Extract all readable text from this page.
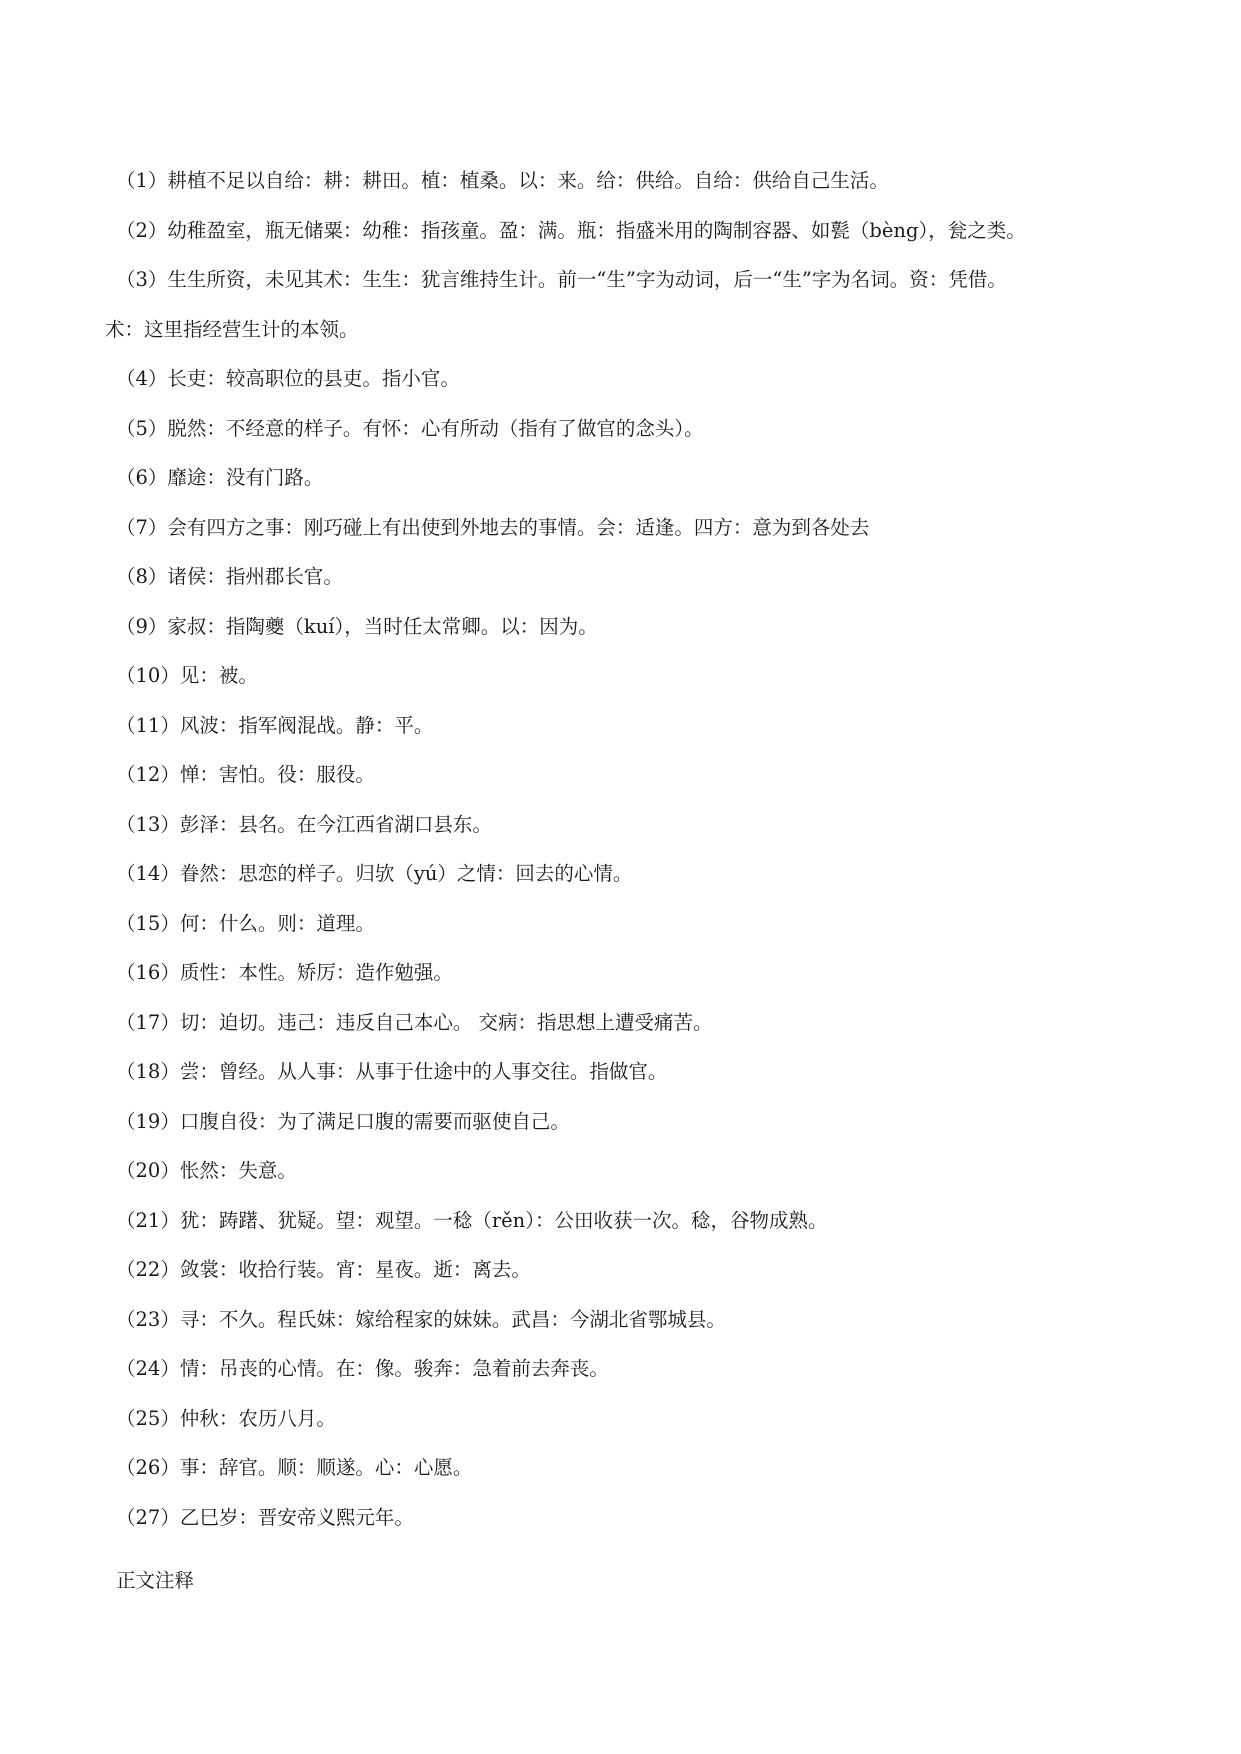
（1）耕植不足以自给：耕：耕田。植：植桑。以：来。给：供给。自给：供给自己生活。
（2）幼稚盈室，瓶无储粟：幼稚：指孩童。盈：满。瓶：指盛米用的陶制容器、如甏（bèng），瓮之类。
（3）生生所资，未见其术：生生：犹言维持生计。前一“生”字为动词，后一“生”字为名词。资：凭借。
术：这里指经营生计的本领。
（4）长吏：较高职位的县吏。指小官。
（5）脱然：不经意的样子。有怀：心有所动（指有了做官的念头）。
（6）靡途：没有门路。
（7）会有四方之事：刚巧碰上有出使到外地去的事情。会：适逢。四方：意为到各处去
（8）诸侯：指州郡长官。
（9）家叔：指陶夔（kuí），当时任太常卿。以：因为。
（10）见：被。
（11）风波：指军阀混战。静：平。
（12）惮：害怕。役：服役。
（13）彭泽：县名。在今江西省湖口县东。
（14）眷然：思恋的样子。归欤（yú）之情：回去的心情。
（15）何：什么。则：道理。
（16）质性：本性。矫厉：造作勉强。
（17）切：迫切。违己：违反自己本心。 交病：指思想上遭受痛苦。
（18）尝：曾经。从人事：从事于仕途中的人事交往。指做官。
（19）口腹自役：为了满足口腹的需要而驱使自己。
（20）怅然：失意。
（21）犹：踌躇、犹疑。望：观望。一稔（rěn）：公田收获一次。稔，谷物成熟。
（22）敛裳：收拾行装。宵：星夜。逝：离去。
（23）寻：不久。程氏妹：嫁给程家的妹妹。武昌：今湖北省鄂城县。
（24）情：吊丧的心情。在：像。骏奔：急着前去奔丧。
（25）仲秋：农历八月。
（26）事：辞官。顺：顺遂。心：心愿。
（27）乙巳岁：晋安帝义熙元年。

正文注释
